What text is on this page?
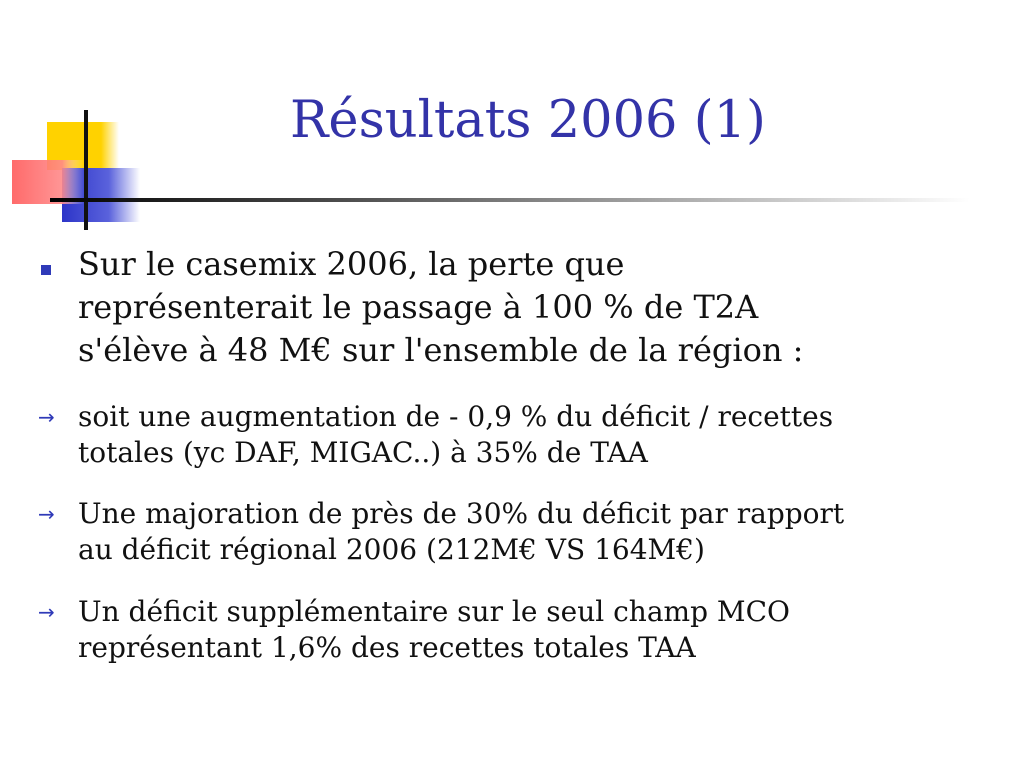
Résultats 2006 (1)

Sur le casemix 2006, la perte que
représenterait le passage à 100 % de T2A
s'élève à 48 M€ sur l'ensemble de la région :

→ soit une augmentation de - 0,9 % du déficit / recettes
totales (yc DAF, MIGAC..) à 35% de TAA

→ Une majoration de près de 30% du déficit par rapport
au déficit régional 2006 (212M€ VS 164M€)

→ Un déficit supplémentaire sur le seul champ MCO
représentant 1,6% des recettes totales TAA
